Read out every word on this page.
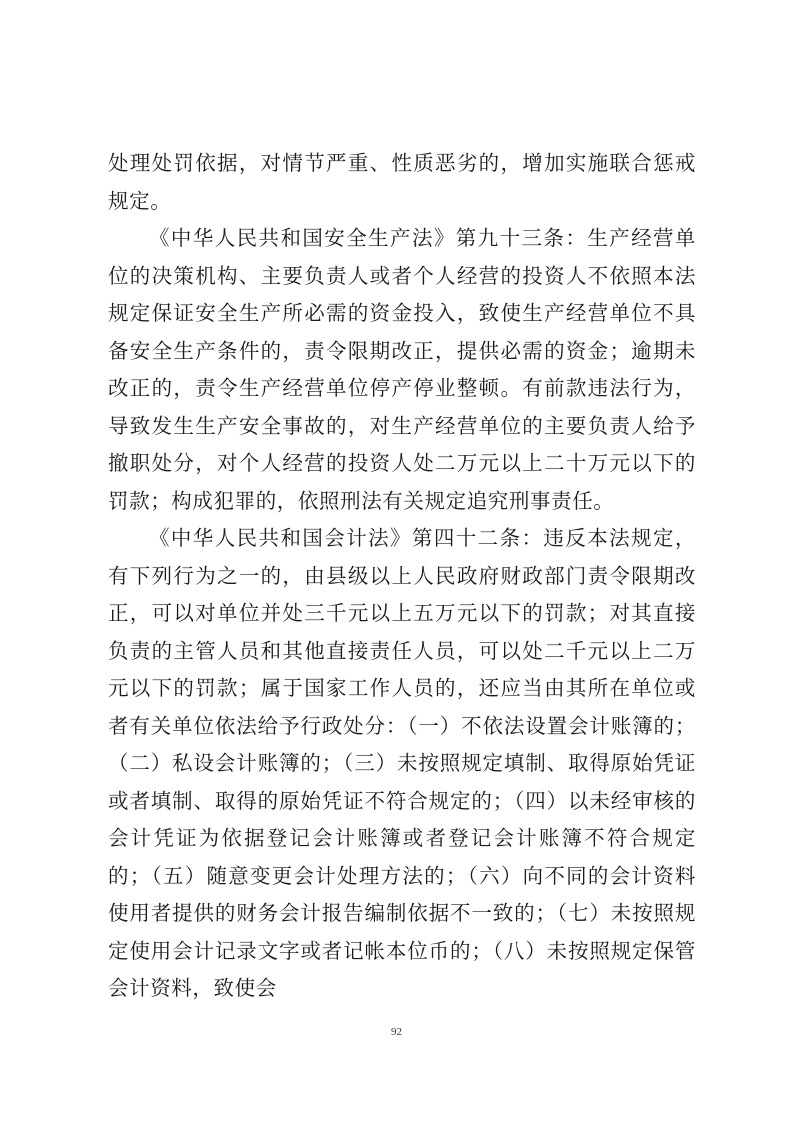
处理处罚依据，对情节严重、性质恶劣的，增加实施联合惩戒规定。

《中华人民共和国安全生产法》第九十三条：生产经营单位的决策机构、主要负责人或者个人经营的投资人不依照本法规定保证安全生产所必需的资金投入，致使生产经营单位不具备安全生产条件的，责令限期改正，提供必需的资金；逾期未改正的，责令生产经营单位停产停业整顿。有前款违法行为，导致发生生产安全事故的，对生产经营单位的主要负责人给予撤职处分，对个人经营的投资人处二万元以上二十万元以下的罚款；构成犯罪的，依照刑法有关规定追究刑事责任。

《中华人民共和国会计法》第四十二条：违反本法规定，有下列行为之一的，由县级以上人民政府财政部门责令限期改正，可以对单位并处三千元以上五万元以下的罚款；对其直接负责的主管人员和其他直接责任人员，可以处二千元以上二万元以下的罚款；属于国家工作人员的，还应当由其所在单位或者有关单位依法给予行政处分：（一）不依法设置会计账簿的；（二）私设会计账簿的；（三）未按照规定填制、取得原始凭证或者填制、取得的原始凭证不符合规定的；（四）以未经审核的会计凭证为依据登记会计账簿或者登记会计账簿不符合规定的；（五）随意变更会计处理方法的；（六）向不同的会计资料使用者提供的财务会计报告编制依据不一致的；（七）未按照规定使用会计记录文字或者记帐本位币的；（八）未按照规定保管会计资料，致使会

92
